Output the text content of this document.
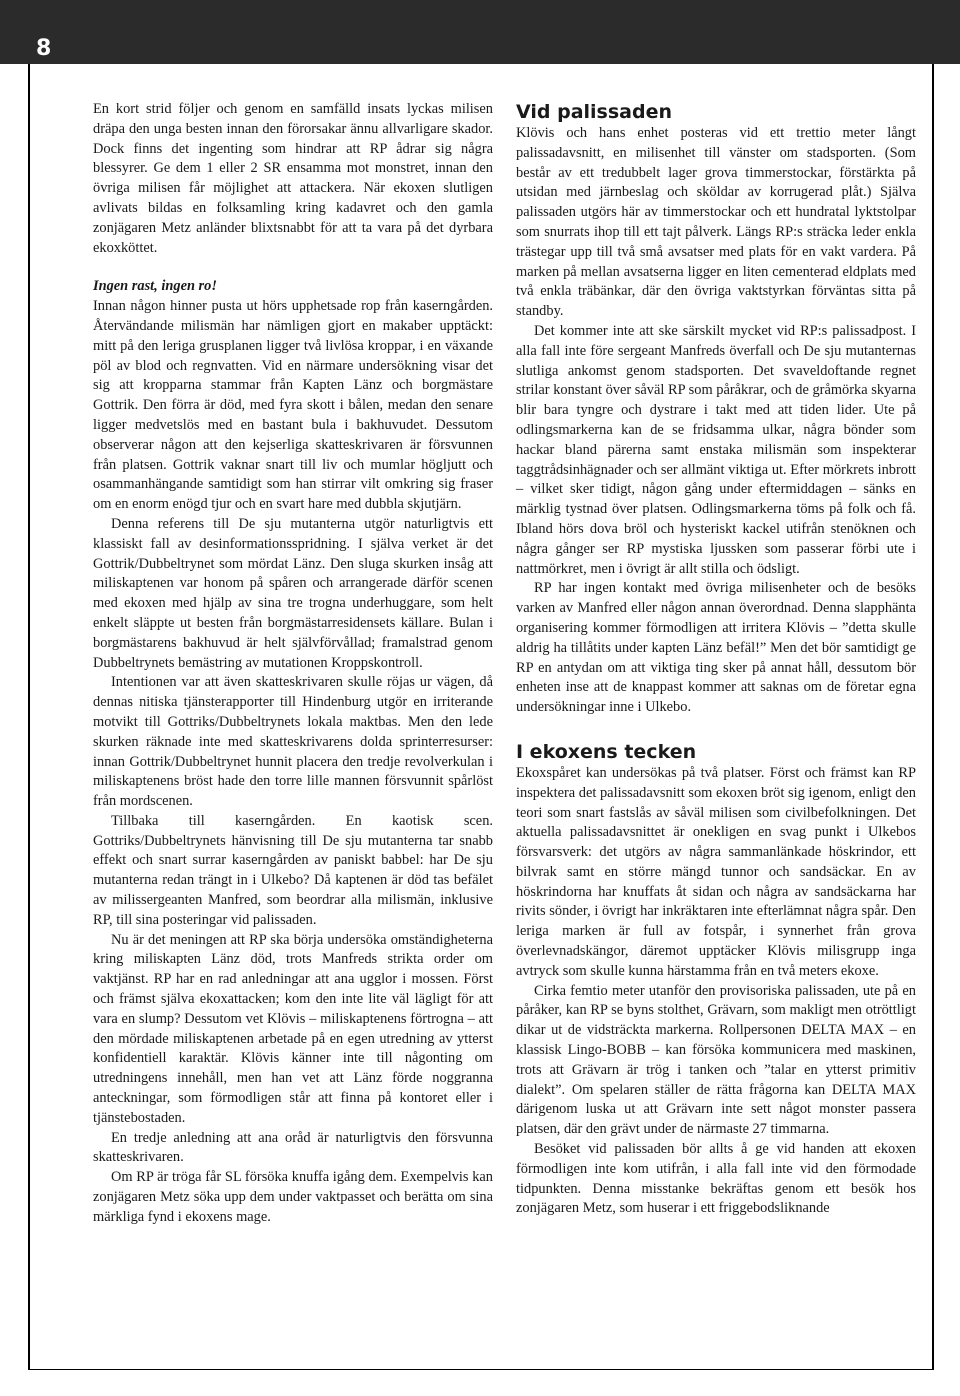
8

En kort strid följer och genom en samfälld insats lyckas milisen dräpa den unga besten innan den förorsakar ännu allvarligare skador. Dock finns det ingenting som hindrar att RP ådrar sig några blessyrer. Ge dem 1 eller 2 SR ensamma mot monstret, innan den övriga milisen får möjlighet att attackera. När ekoxen slutligen avlivats bildas en folksamling kring kadavret och den gamla zonjägaren Metz anländer blixtsnabbt för att ta vara på det dyrbara ekoxköttet.

Ingen rast, ingen ro!

Innan någon hinner pusta ut hörs upphetsade rop från kaserngården. Återvändande milismän har nämligen gjort en makaber upptäckt: mitt på den leriga grusplanen ligger två livlösa kroppar, i en växande pöl av blod och regnvatten. Vid en närmare undersökning visar det sig att kropparna stammar från Kapten Länz och borgmästare Gottrik. Den förra är död, med fyra skott i bålen, medan den senare ligger medvetslös med en bastant bula i bakhuvudet. Dessutom observerar någon att den kejserliga skatteskrivaren är försvunnen från platsen. Gottrik vaknar snart till liv och mumlar högljutt och osammanhängande samtidigt som han stirrar vilt omkring sig fraser om en enorm enögd tjur och en svart hare med dubbla skjutjärn.

Denna referens till De sju mutanterna utgör naturligtvis ett klassiskt fall av desinformationsspridning. I själva verket är det Gottrik/Dubbeltrynet som mördat Länz. Den sluga skurken insåg att miliskaptenen var honom på spåren och arrangerade därför scenen med ekoxen med hjälp av sina tre trogna underhuggare, som helt enkelt släppte ut besten från borgmästarresidensets källare. Bulan i borgmästarens bakhuvud är helt självförvållad; framalstrad genom Dubbeltrynets bemästring av mutationen Kroppskontroll.

Intentionen var att även skatteskrivaren skulle röjas ur vägen, då dennas nitiska tjänsterapporter till Hindenburg utgör en irriterande motvikt till Gottriks/Dubbeltrynets lokala maktbas. Men den lede skurken räknade inte med skatteskrivarens dolda sprinterresurser: innan Gottrik/Dubbeltrynet hunnit placera den tredje revolverkulan i miliskaptenens bröst hade den torre lille mannen försvunnit spårlöst från mordscenen.

Tillbaka till kaserngården. En kaotisk scen. Gottriks/Dubbeltrynets hänvisning till De sju mutanterna tar snabb effekt och snart surrar kaserngården av paniskt babbel: har De sju mutanterna redan trängt in i Ulkebo? Då kaptenen är död tas befälet av milissergeanten Manfred, som beordrar alla milismän, inklusive RP, till sina posteringar vid palissaden.

Nu är det meningen att RP ska börja undersöka omständigheterna kring miliskapten Länz död, trots Manfreds strikta order om vaktjänst. RP har en rad anledningar att ana ugglor i mossen. Först och främst själva ekoxattacken; kom den inte lite väl lägligt för att vara en slump? Dessutom vet Klövis – miliskaptenens förtrogna – att den mördade miliskaptenen arbetade på en egen utredning av ytterst konfidentiell karaktär. Klövis känner inte till någonting om utredningens innehåll, men han vet att Länz förde noggranna anteckningar, som förmodligen står att finna på kontoret eller i tjänstebostaden.

En tredje anledning att ana oråd är naturligtvis den försvunna skatteskrivaren.

Om RP är tröga får SL försöka knuffa igång dem. Exempelvis kan zonjägaren Metz söka upp dem under vaktpasset och berätta om sina märkliga fynd i ekoxens mage.

Vid palissaden

Klövis och hans enhet posteras vid ett trettio meter långt palissadavsnitt, en milisenhet till vänster om stadsporten. (Som består av ett tredubbelt lager grova timmerstockar, förstärkta på utsidan med järnbeslag och sköldar av korrugerad plåt.) Själva palissaden utgörs här av timmerstockar och ett hundratal lyktstolpar som snurrats ihop till ett tajt pålverk. Längs RP:s sträcka leder enkla trästegar upp till två små avsatser med plats för en vakt vardera. På marken på mellan avsatserna ligger en liten cementerad eldplats med två enkla träbänkar, där den övriga vaktstyrkan förväntas sitta på standby.

Det kommer inte att ske särskilt mycket vid RP:s palissadpost. I alla fall inte före sergeant Manfreds överfall och De sju mutanternas slutliga ankomst genom stadsporten. Det svaveldoftande regnet strilar konstant över såväl RP som påråkrar, och de gråmörka skyarna blir bara tyngre och dystrare i takt med att tiden lider. Ute på odlingsmarkerna kan de se fridsamma ulkar, några bönder som hackar bland pärerna samt enstaka milismän som inspekterar taggtrådsinhägnader och ser allmänt viktiga ut. Efter mörkrets inbrott – vilket sker tidigt, någon gång under eftermiddagen – sänks en märklig tystnad över platsen. Odlingsmarkerna töms på folk och få. Ibland hörs dova bröl och hysteriskt kackel utifrån stenöknen och några gånger ser RP mystiska ljussken som passerar förbi ute i nattmörkret, men i övrigt är allt stilla och ödsligt.

RP har ingen kontakt med övriga milisenheter och de besöks varken av Manfred eller någon annan överordnad. Denna slapphänta organisering kommer förmodligen att irritera Klövis – ”detta skulle aldrig ha tillåtits under kapten Länz befäl!” Men det bör samtidigt ge RP en antydan om att viktiga ting sker på annat håll, dessutom bör enheten inse att de knappast kommer att saknas om de företar egna undersökningar inne i Ulkebo.

I ekoxens tecken

Ekoxspåret kan undersökas på två platser. Först och främst kan RP inspektera det palissadavsnitt som ekoxen bröt sig igenom, enligt den teori som snart fastslås av såväl milisen som civilbefolkningen. Det aktuella palissadavsnittet är onekligen en svag punkt i Ulkebos försvarsverk: det utgörs av några sammanlänkade höskrindor, ett bilvrak samt en större mängd tunnor och sandsäckar. En av höskrindorna har knuffats åt sidan och några av sandsäckarna har rivits sönder, i övrigt har inkräktaren inte efterlämnat några spår. Den leriga marken är full av fotspår, i synnerhet från grova överlevnadskängor, däremot upptäcker Klövis milisgrupp inga avtryck som skulle kunna härstamma från en två meters ekoxe.

Cirka femtio meter utanför den provisoriska palissaden, ute på en påråker, kan RP se byns stolthet, Grävarn, som makligt men otröttligt dikar ut de vidsträckta markerna. Rollpersonen DELTA MAX – en klassisk Lingo-BOBB – kan försöka kommunicera med maskinen, trots att Grävarn är trög i tanken och ”talar en ytterst primitiv dialekt”. Om spelaren ställer de rätta frågorna kan DELTA MAX därigenom luska ut att Grävarn inte sett något monster passera platsen, där den grävt under de närmaste 27 timmarna.

Besöket vid palissaden bör allts å ge vid handen att ekoxen förmodligen inte kom utifrån, i alla fall inte vid den förmodade tidpunkten. Denna misstanke bekräftas genom ett besök hos zonjägaren Metz, som huserar i ett friggebodsliknande
